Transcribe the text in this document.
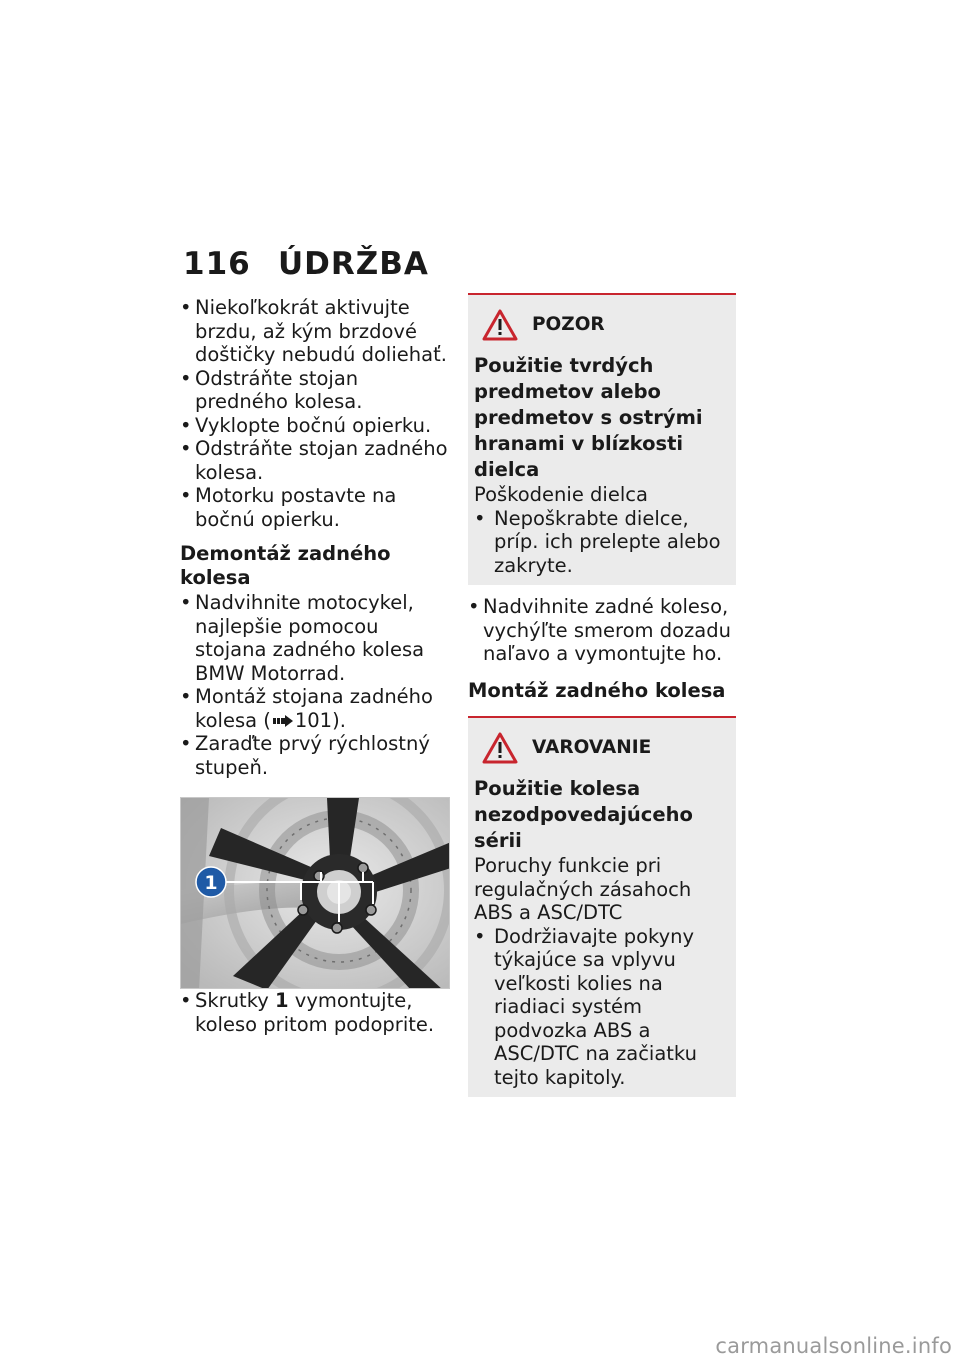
116 ÚDRŽBA
• Niekoľkokrát aktivujte brzdu, až kým brzdové doštičky nebudú doliehať.
• Odstráňte stojan predného kolesa.
• Vyklopte bočnú opierku.
• Odstráňte stojan zadného kolesa.
• Motorku postavte na bočnú opierku.
Demontáž zadného kolesa
• Nadvihnite motocykel, najlepšie pomocou stojana zadného kolesa BMW Motorrad.
• Montáž stojana zadného kolesa ( 101).
• Zaraďte prvý rýchlostný stupeň.
1
• Skrutky 1 vymontujte, koleso pritom podoprite.
POZOR
Použitie tvrdých predmetov alebo predmetov s ostrými hranami v blízkosti dielca
Poškodenie dielca
• Nepoškrabte dielce, príp. ich prelepte alebo zakryte.
• Nadvihnite zadné koleso, vychýľte smerom dozadu naľavo a vymontujte ho.
Montáž zadného kolesa
VAROVANIE
Použitie kolesa nezodpovedajúceho sérii
Poruchy funkcie pri regulačných zásahoch ABS a ASC/DTC
• Dodržiavajte pokyny týkajúce sa vplyvu veľkosti kolies na riadiaci systém podvozka ABS a ASC/DTC na začiatku tejto kapitoly.
carmanualsonline.info
